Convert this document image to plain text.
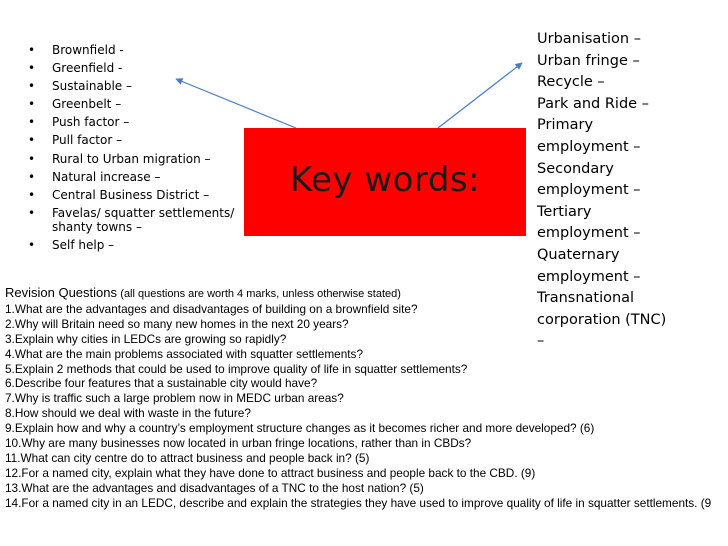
• Brownfield -
• Greenfield -
• Sustainable –
• Greenbelt –
• Push factor –
• Pull factor –
• Rural to Urban migration –
• Natural increase –
• Central Business District –
• Favelas/ squatter settlements/ shanty towns –
• Self help –
Key words:
Urbanisation –
Urban fringe –
Recycle –
Park and Ride –
Primary
employment –
Secondary
employment –
Tertiary
employment –
Quaternary
employment –
Transnational
corporation (TNC)
–
Revision Questions (all questions are worth 4 marks, unless otherwise stated)
1.What are the advantages and disadvantages of building on a brownfield site?
2.Why will Britain need so many new homes in the next 20 years?
3.Explain why cities in LEDCs are growing so rapidly?
4.What are the main problems associated with squatter settlements?
5.Explain 2 methods that could be used to improve quality of life in squatter settlements?
6.Describe four features that a sustainable city would have?
7.Why is traffic such a large problem now in MEDC urban areas?
8.How should we deal with waste in the future?
9.Explain how and why a country’s employment structure changes as it becomes richer and more developed? (6)
10.Why are many businesses now located in urban fringe locations, rather than in CBDs?
11.What can city centre do to attract business and people back in? (5)
12.For a named city, explain what they have done to attract business and people back to the CBD. (9)
13.What are the advantages and disadvantages of a TNC to the host nation? (5)
14.For a named city in an LEDC, describe and explain the strategies they have used to improve quality of life in squatter settlements. (9
